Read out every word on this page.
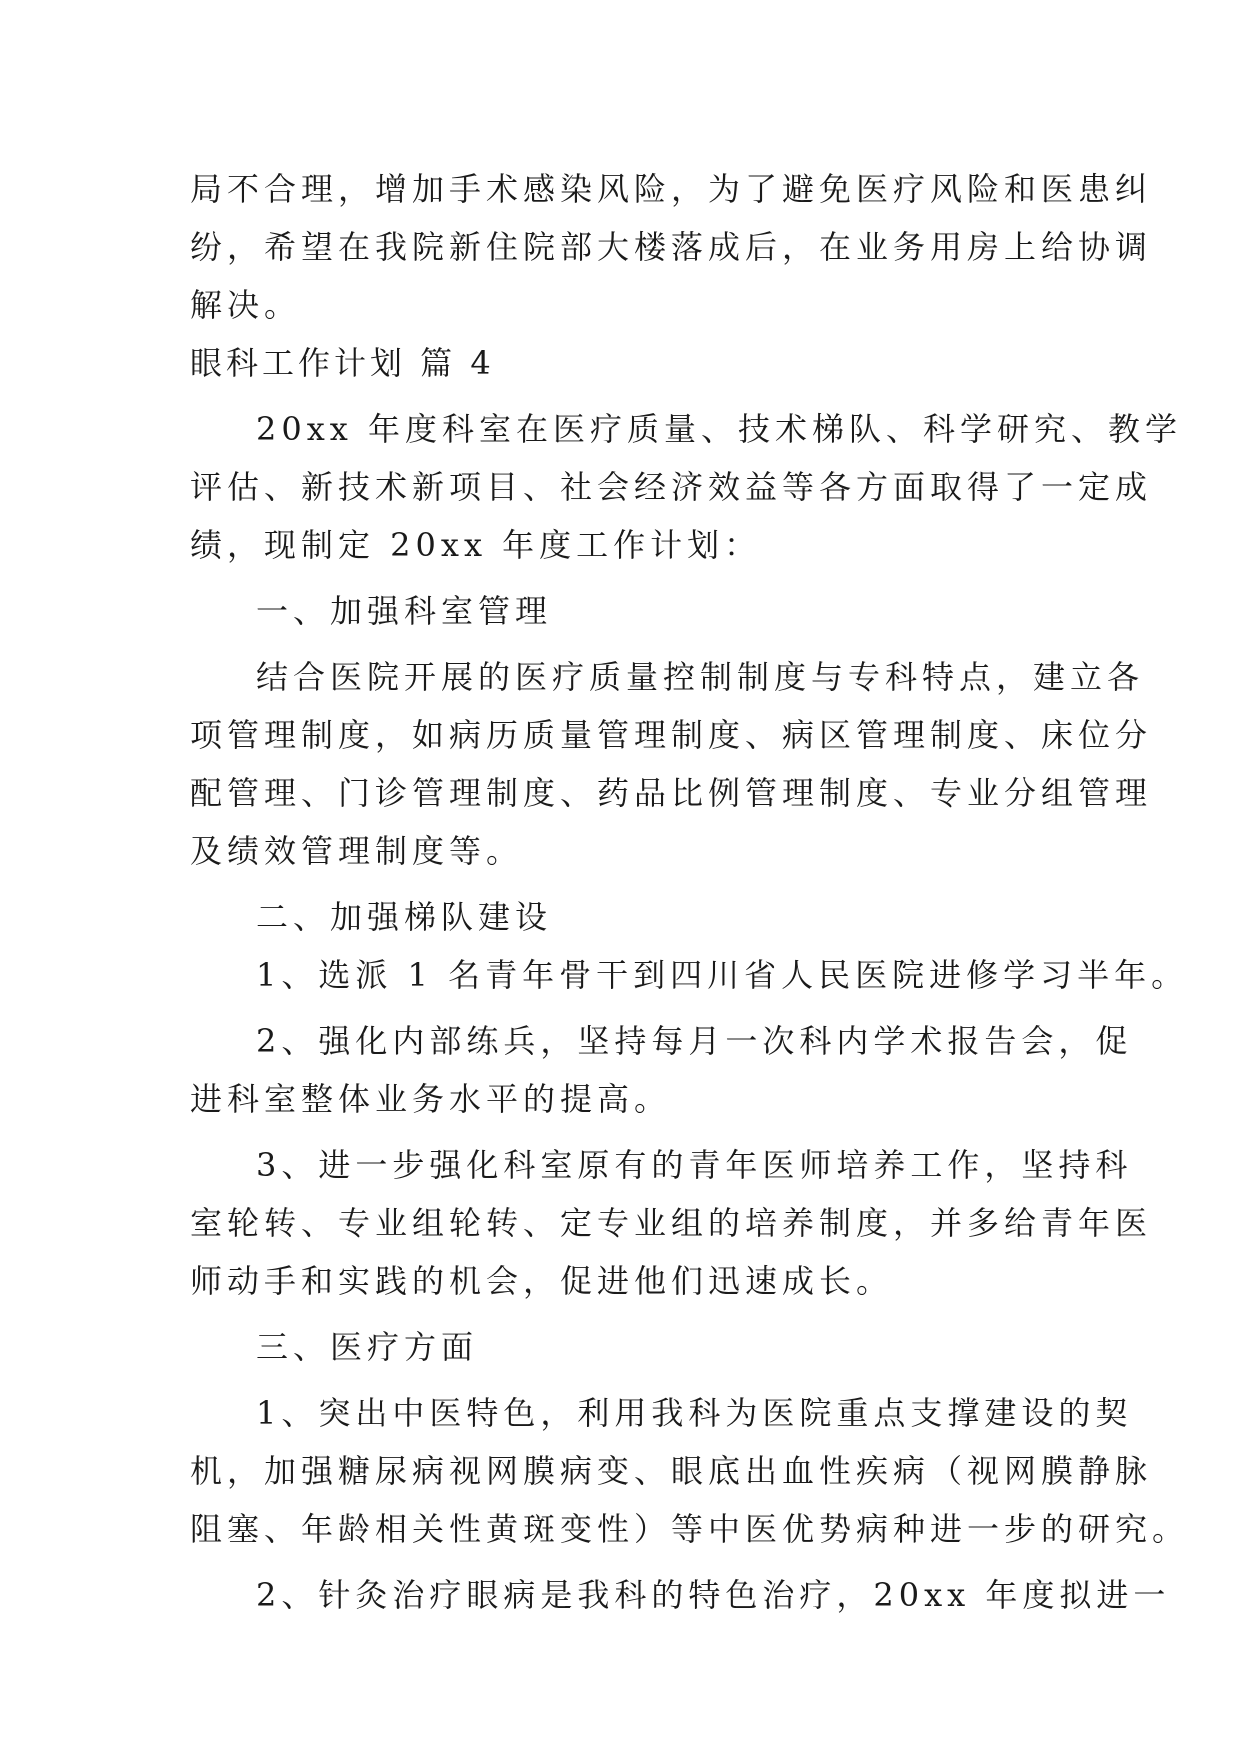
局不合理，增加手术感染风险，为了避免医疗风险和医患纠
纷，希望在我院新住院部大楼落成后，在业务用房上给协调
解决。
眼科工作计划 篇 4
20xx 年度科室在医疗质量、技术梯队、科学研究、教学
评估、新技术新项目、社会经济效益等各方面取得了一定成
绩，现制定 20xx 年度工作计划：
一、加强科室管理
结合医院开展的医疗质量控制制度与专科特点，建立各
项管理制度，如病历质量管理制度、病区管理制度、床位分
配管理、门诊管理制度、药品比例管理制度、专业分组管理
及绩效管理制度等。
二、加强梯队建设
1、选派 1 名青年骨干到四川省人民医院进修学习半年。
2、强化内部练兵，坚持每月一次科内学术报告会，促
进科室整体业务水平的提高。
3、进一步强化科室原有的青年医师培养工作，坚持科
室轮转、专业组轮转、定专业组的培养制度，并多给青年医
师动手和实践的机会，促进他们迅速成长。
三、医疗方面
1、突出中医特色，利用我科为医院重点支撑建设的契
机，加强糖尿病视网膜病变、眼底出血性疾病（视网膜静脉
阻塞、年龄相关性黄斑变性）等中医优势病种进一步的研究。
2、针灸治疗眼病是我科的特色治疗，20xx 年度拟进一
